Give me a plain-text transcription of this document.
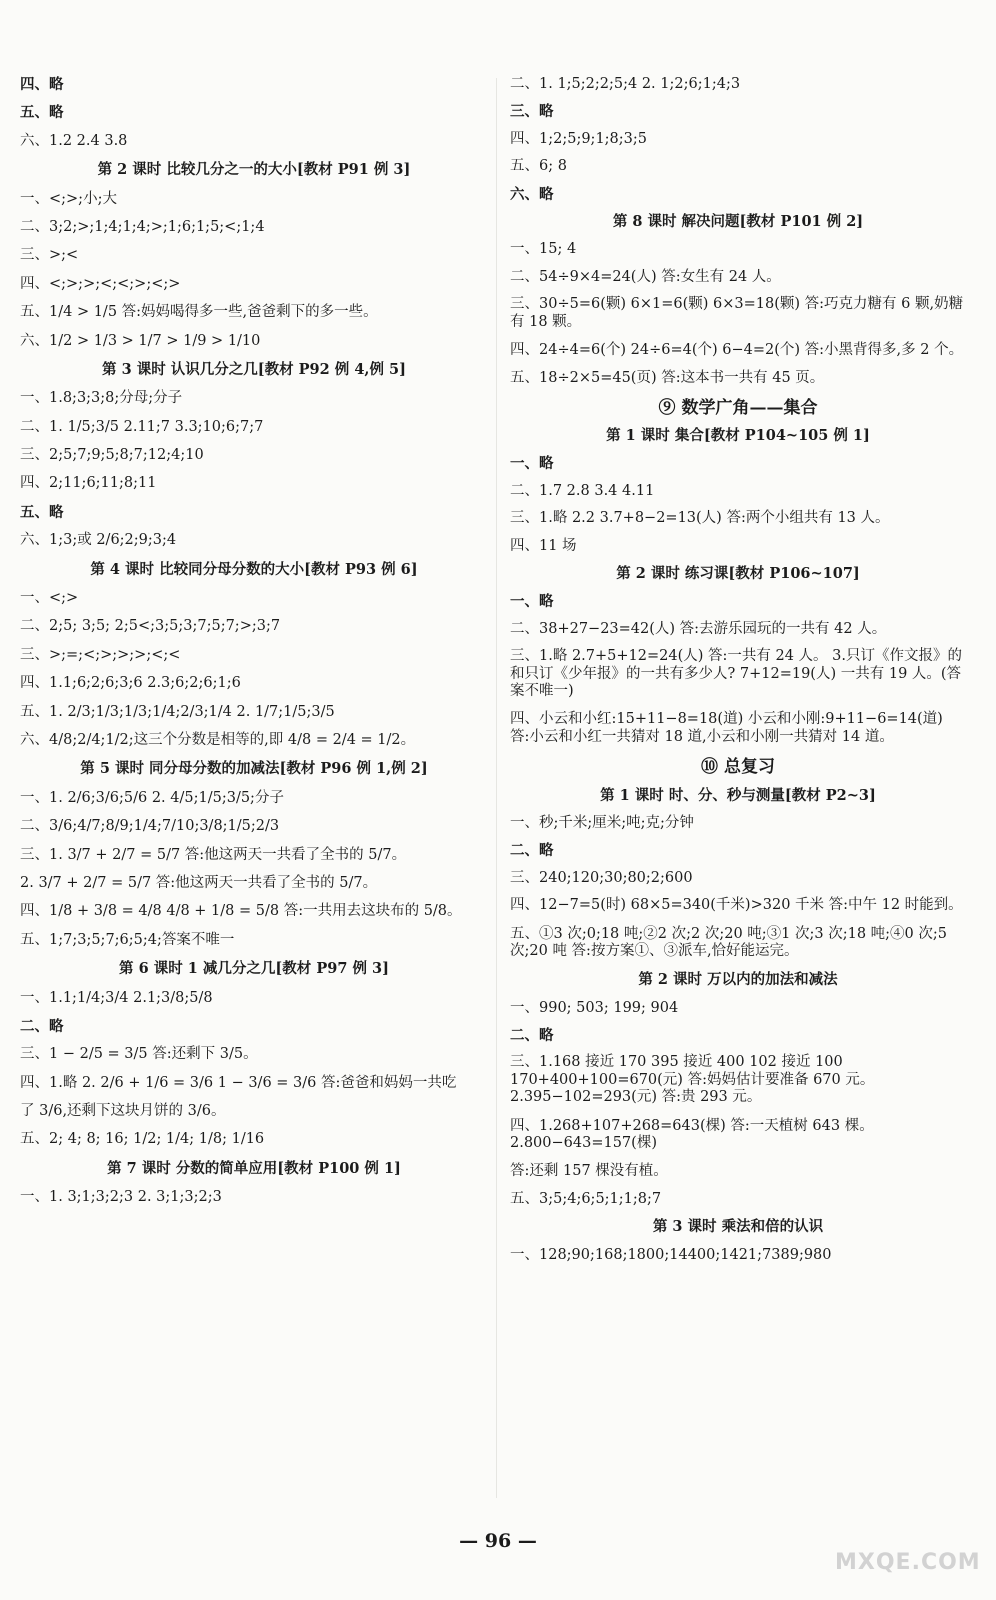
四、略
五、略
六、1.2 2.4 3.8
第 2 课时 比较几分之一的大小[教材 P91 例 3]
一、<;>;小;大
二、3;2;>;1;4;1;4;>;1;6;1;5;<;1;4
三、>;<
四、<;>;>;<;<;>;<;>
五、1/4 > 1/5 答:妈妈喝得多一些,爸爸剩下的多一些。
六、1/2 > 1/3 > 1/7 > 1/9 > 1/10
第 3 课时 认识几分之几[教材 P92 例 4,例 5]
一、1.8;3;3;8;分母;分子
二、1. 1/5;3/5 2.11;7 3.3;10;6;7;7
三、2;5;7;9;5;8;7;12;4;10
四、2;11;6;11;8;11
五、略
六、1;3;或 2/6;2;9;3;4
第 4 课时 比较同分母分数的大小[教材 P93 例 6]
一、<;>
二、2;5; 3;5; 2;5<;3;5;3;7;5;7;>;3;7
三、>;=;<;>;>;>;<;<
四、1.1;6;2;6;3;6 2.3;6;2;6;1;6
五、1. 2/3;1/3;1/3;1/4;2/3;1/4 2. 1/7;1/5;3/5
六、4/8;2/4;1/2;这三个分数是相等的,即 4/8 = 2/4 = 1/2。
第 5 课时 同分母分数的加减法[教材 P96 例 1,例 2]
一、1. 2/6;3/6;5/6 2. 4/5;1/5;3/5;分子
二、3/6;4/7;8/9;1/4;7/10;3/8;1/5;2/3
三、1. 3/7 + 2/7 = 5/7 答:他这两天一共看了全书的 5/7。
2. 3/7 + 2/7 = 5/7 答:他这两天一共看了全书的 5/7。
四、1/8 + 3/8 = 4/8 4/8 + 1/8 = 5/8 答:一共用去这块布的 5/8。
五、1;7;3;5;7;6;5;4;答案不唯一
第 6 课时 1 减几分之几[教材 P97 例 3]
一、1.1;1/4;3/4 2.1;3/8;5/8
二、略
三、1 − 2/5 = 3/5 答:还剩下 3/5。
四、1.略 2. 2/6 + 1/6 = 3/6 1 − 3/6 = 3/6 答:爸爸和妈妈一共吃
了 3/6,还剩下这块月饼的 3/6。
五、2; 4; 8; 16; 1/2; 1/4; 1/8; 1/16
第 7 课时 分数的简单应用[教材 P100 例 1]
一、1. 3;1;3;2;3 2. 3;1;3;2;3
二、1. 1;5;2;2;5;4 2. 1;2;6;1;4;3
三、略
四、1;2;5;9;1;8;3;5
五、6; 8
六、略
第 8 课时 解决问题[教材 P101 例 2]
一、15; 4
二、54÷9×4=24(人) 答:女生有 24 人。
三、30÷5=6(颗) 6×1=6(颗) 6×3=18(颗) 答:巧克力糖有 6 颗,奶糖有 18 颗。
四、24÷4=6(个) 24÷6=4(个) 6−4=2(个) 答:小黑背得多,多 2 个。
五、18÷2×5=45(页) 答:这本书一共有 45 页。
⑨ 数学广角——集合
第 1 课时 集合[教材 P104~105 例 1]
一、略
二、1.7 2.8 3.4 4.11
三、1.略 2.2 3.7+8−2=13(人) 答:两个小组共有 13 人。
四、11 场
第 2 课时 练习课[教材 P106~107]
一、略
二、38+27−23=42(人) 答:去游乐园玩的一共有 42 人。
三、1.略 2.7+5+12=24(人) 答:一共有 24 人。 3.只订《作文报》的和只订《少年报》的一共有多少人? 7+12=19(人) 一共有 19 人。(答案不唯一)
四、小云和小红:15+11−8=18(道) 小云和小刚:9+11−6=14(道) 答:小云和小红一共猜对 18 道,小云和小刚一共猜对 14 道。
⑩ 总复习
第 1 课时 时、分、秒与测量[教材 P2~3]
一、秒;千米;厘米;吨;克;分钟
二、略
三、240;120;30;80;2;600
四、12−7=5(时) 68×5=340(千米)>320 千米 答:中午 12 时能到。
五、①3 次;0;18 吨;②2 次;2 次;20 吨;③1 次;3 次;18 吨;④0 次;5 次;20 吨 答:按方案①、③派车,恰好能运完。
第 2 课时 万以内的加法和减法
一、990; 503; 199; 904
二、略
三、1.168 接近 170 395 接近 400 102 接近 100 170+400+100=670(元) 答:妈妈估计要准备 670 元。 2.395−102=293(元) 答:贵 293 元。
四、1.268+107+268=643(棵) 答:一天植树 643 棵。 2.800−643=157(棵)
答:还剩 157 棵没有植。
五、3;5;4;6;5;1;1;8;7
第 3 课时 乘法和倍的认识
一、128;90;168;1800;14400;1421;7389;980
— 96 —
MXQE.COM
